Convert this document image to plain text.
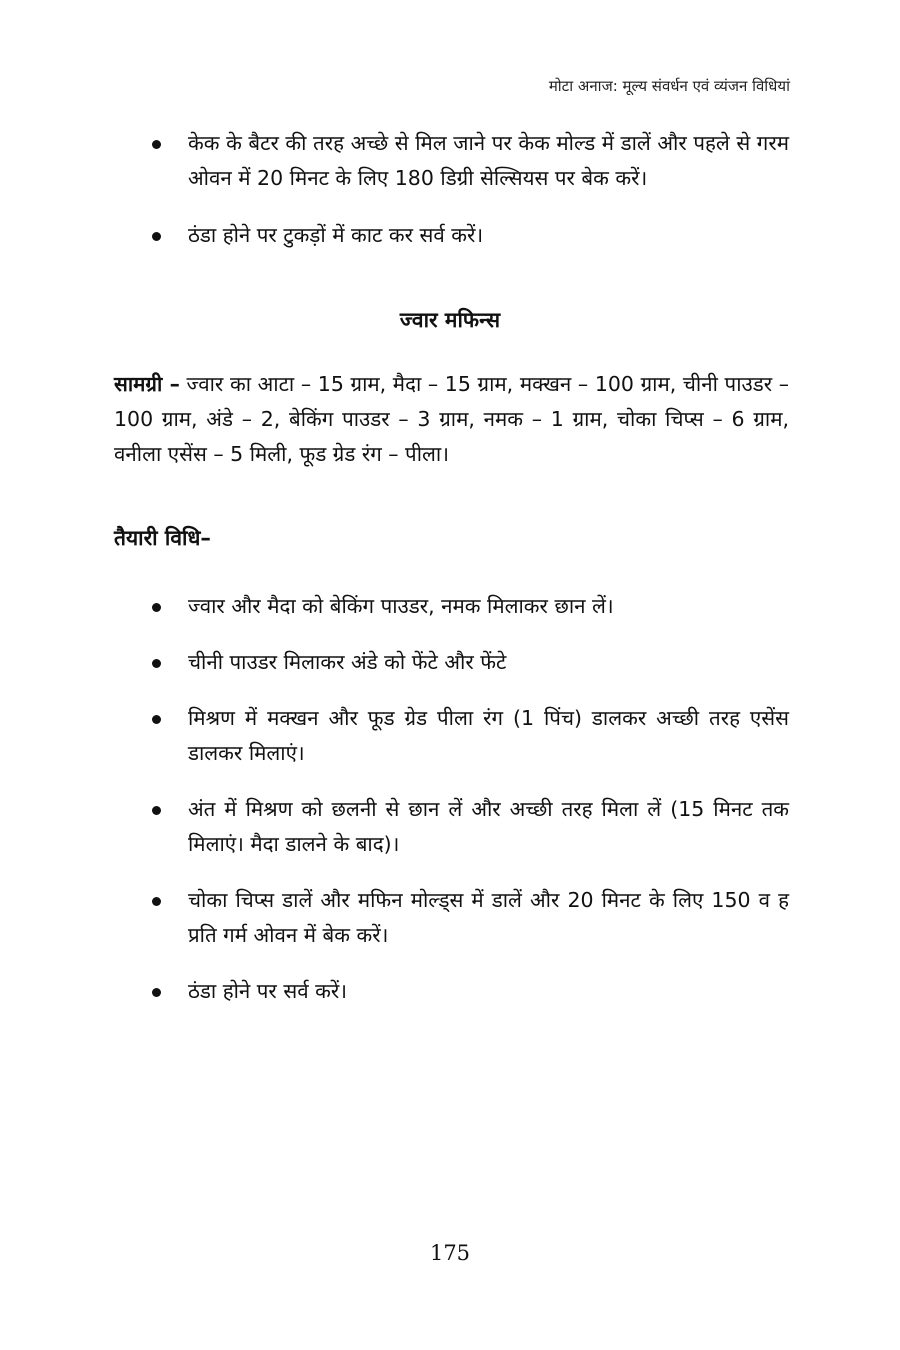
मोटा अनाज: मूल्य संवर्धन एवं व्यंजन विधियां
केक के बैटर की तरह अच्छे से मिल जाने पर केक मोल्ड में डालें और पहले से गरम ओवन में 20 मिनट के लिए 180 डिग्री सेल्सियस पर बेक करें।
ठंडा होने पर टुकड़ों में काट कर सर्व करें।
ज्वार मफिन्स

सामग्री – ज्वार का आटा – 15 ग्राम, मैदा – 15 ग्राम, मक्खन – 100 ग्राम, चीनी पाउडर – 100 ग्राम, अंडे – 2, बेकिंग पाउडर – 3 ग्राम, नमक – 1 ग्राम, चोका चिप्स – 6 ग्राम, वनीला एसेंस – 5 मिली, फूड ग्रेड रंग – पीला।

तैयारी विधि–
ज्वार और मैदा को बेकिंग पाउडर, नमक मिलाकर छान लें।
चीनी पाउडर मिलाकर अंडे को फेंटे और फेंटे
मिश्रण में मक्खन और फूड ग्रेड पीला रंग (1 पिंच) डालकर अच्छी तरह एसेंस डालकर मिलाएं।
अंत में मिश्रण को छलनी से छान लें और अच्छी तरह मिला लें (15 मिनट तक मिलाएं। मैदा डालने के बाद)।
चोका चिप्स डालें और मफिन मोल्ड्स में डालें और 20 मिनट के लिए 150 व ह प्रति गर्म ओवन में बेक करें।
ठंडा होने पर सर्व करें।
175
